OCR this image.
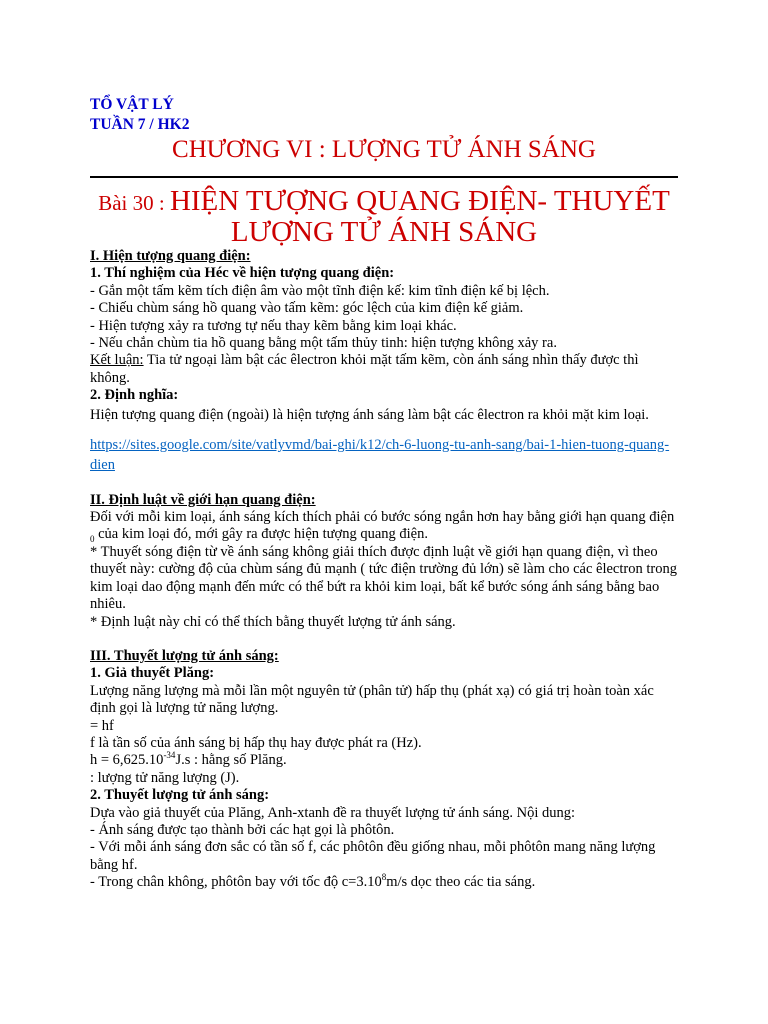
TỔ VẬT LÝ
TUẦN 7 / HK2
CHƯƠNG VI : LƯỢNG TỬ ÁNH SÁNG
Bài 30 : HIỆN TƯỢNG QUANG ĐIỆN- THUYẾT
LƯỢNG TỬ ÁNH SÁNG

I. Hiện tượng quang điện:

1. Thí nghiệm của Héc về hiện tượng quang điện:

- Gắn một tấm kẽm tích điện âm vào một tĩnh điện kế: kim tĩnh điện kế bị lệch.

- Chiếu chùm sáng hồ quang vào tấm kẽm: góc lệch của kim điện kế giảm.

- Hiện tượng xảy ra tương tự nếu thay kẽm bằng kim loại khác.

- Nếu chắn chùm tia hồ quang bằng một tấm thủy tinh: hiện tượng không xảy ra.

Kết luận: Tia tử ngoại làm bật các êlectron khỏi mặt tấm kẽm, còn ánh sáng nhìn thấy được thì không.

2. Định nghĩa:

Hiện tượng quang điện (ngoài) là hiện tượng ánh sáng làm bật các êlectron ra khỏi mặt kim loại.

https://sites.google.com/site/vatlyvmd/bai-ghi/k12/ch-6-luong-tu-anh-sang/bai-1-hien-tuong-quang-dien

II. Định luật về giới hạn quang điện:

Đối với mỗi kim loại, ánh sáng kích thích phải có bước sóng ngắn hơn hay bằng giới hạn quang điện $_0$ của kim loại đó, mới gây ra được hiện tượng quang điện.

* Thuyết sóng điện từ về ánh sáng không giải thích được định luật về giới hạn quang điện, vì theo thuyết này: cường độ của chùm sáng đủ mạnh ( tức điện trường đủ lớn) sẽ làm cho các êlectron trong kim loại dao động mạnh đến mức có thể bứt ra khỏi kim loại, bất kể bước sóng ánh sáng bằng bao nhiêu.

* Định luật này chỉ có thể thích bằng thuyết lượng tử ánh sáng.

III. Thuyết lượng tử ánh sáng:

1. Giả thuyết Plăng:

Lượng năng lượng mà mỗi lần một nguyên tử (phân tử) hấp thụ (phát xạ) có giá trị hoàn toàn xác định gọi là lượng tử năng lượng.

= hf

f là tần số của ánh sáng bị hấp thụ hay được phát ra (Hz).

$h = 6,625.10^{-34}J.s$ : hằng số Plăng.

: lượng tử năng lượng (J).

2. Thuyết lượng tử ánh sáng:

Dựa vào giả thuyết của Plăng, Anh-xtanh đề ra thuyết lượng tử ánh sáng. Nội dung:

- Ánh sáng được tạo thành bởi các hạt gọi là phôtôn.

- Với mỗi ánh sáng đơn sắc có tần số f, các phôtôn đều giống nhau, mỗi phôtôn mang năng lượng bằng hf.

- Trong chân không, phôtôn bay với tốc độ $c=3.10^8m/s$ dọc theo các tia sáng.
